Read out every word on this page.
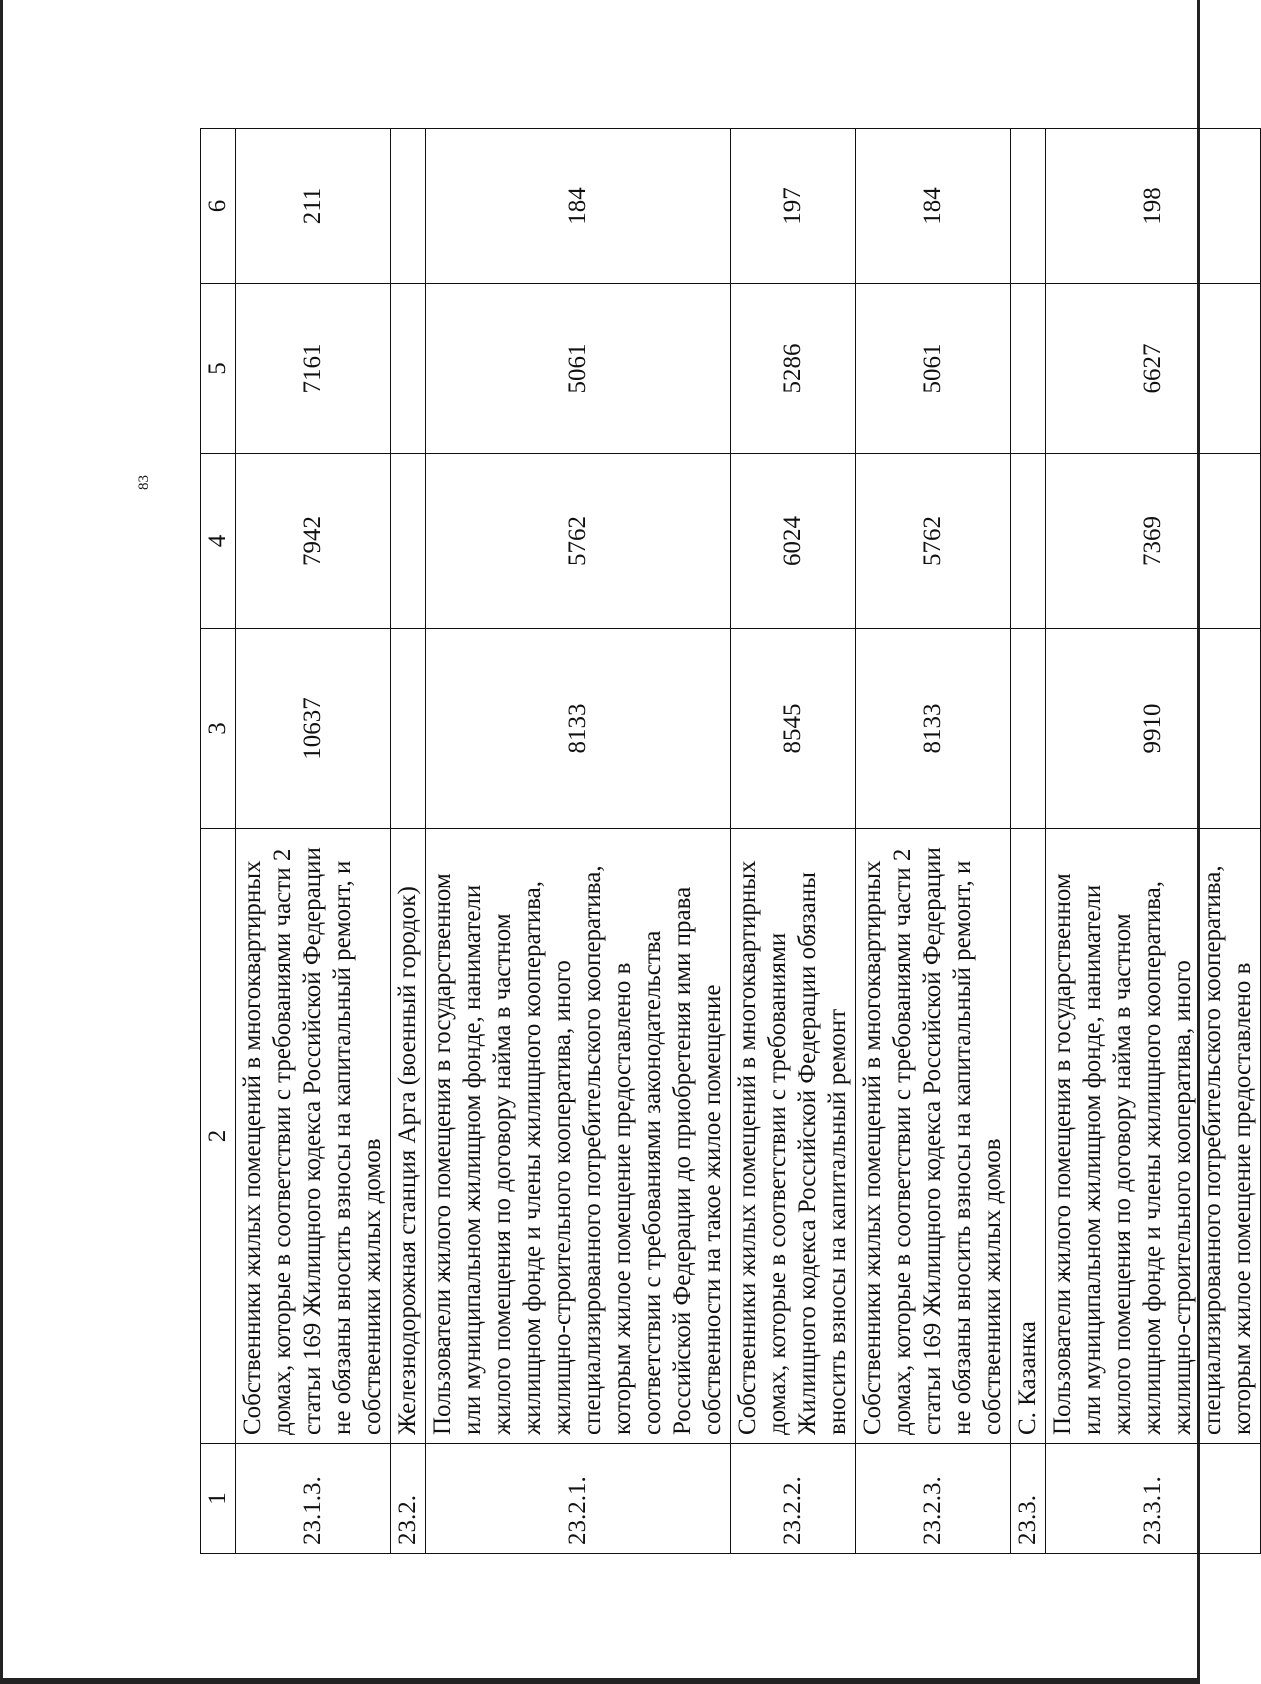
83
1	2	3	4	5	6
23.1.3.	Собственники жилых помещений в многоквартирных домах, которые в соответствии с требованиями части 2 статьи 169 Жилищного кодекса Российской Федерации не обязаны вносить взносы на капитальный ремонт, и собственники жилых домов	10637	7942	7161	211
23.2.	Железнодорожная станция Арга (военный городок)				
23.2.1.	Пользователи жилого помещения в государственном или муниципальном жилищном фонде, наниматели жилого помещения по договору найма в частном жилищном фонде и члены жилищного кооператива, жилищно-строительного кооператива, иного специализированного потребительского кооператива, которым жилое помещение предоставлено в соответствии с требованиями законодательства Российской Федерации до приобретения ими права собственности на такое жилое помещение	8133	5762	5061	184
23.2.2.	Собственники жилых помещений в многоквартирных домах, которые в соответствии с требованиями Жилищного кодекса Российской Федерации обязаны вносить взносы на капитальный ремонт	8545	6024	5286	197
23.2.3.	Собственники жилых помещений в многоквартирных домах, которые в соответствии с требованиями части 2 статьи 169 Жилищного кодекса Российской Федерации не обязаны вносить взносы на капитальный ремонт, и собственники жилых домов	8133	5762	5061	184
23.3.	С. Казанка				
23.3.1.	Пользователи жилого помещения в государственном или муниципальном жилищном фонде, наниматели жилого помещения по договору найма в частном жилищном фонде и члены жилищного кооператива, жилищно-строительного кооператива, иного специализированного потребительского кооператива, которым жилое помещение предоставлено в	9910	7369	6627	198
